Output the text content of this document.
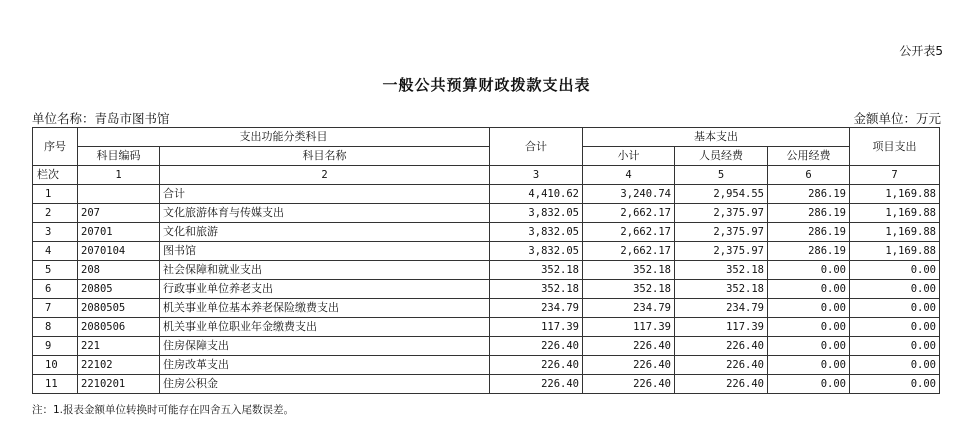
公开表5
一般公共预算财政拨款支出表
单位名称：青岛市图书馆	金额单位：万元
序号	支出功能分类科目		合计	基本支出			项目支出
	科目编码	科目名称		小计	人员经费	公用经费	
栏次	1	2	3	4	5	6	7
1		合计	4,410.62	3,240.74	2,954.55	286.19	1,169.88
2	207	文化旅游体育与传媒支出	3,832.05	2,662.17	2,375.97	286.19	1,169.88
3	20701	文化和旅游	3,832.05	2,662.17	2,375.97	286.19	1,169.88
4	2070104	图书馆	3,832.05	2,662.17	2,375.97	286.19	1,169.88
5	208	社会保障和就业支出	352.18	352.18	352.18	0.00	0.00
6	20805	行政事业单位养老支出	352.18	352.18	352.18	0.00	0.00
7	2080505	机关事业单位基本养老保险缴费支出	234.79	234.79	234.79	0.00	0.00
8	2080506	机关事业单位职业年金缴费支出	117.39	117.39	117.39	0.00	0.00
9	221	住房保障支出	226.40	226.40	226.40	0.00	0.00
10	22102	住房改革支出	226.40	226.40	226.40	0.00	0.00
11	2210201	住房公积金	226.40	226.40	226.40	0.00	0.00
注：1.报表金额单位转换时可能存在四舍五入尾数误差。
